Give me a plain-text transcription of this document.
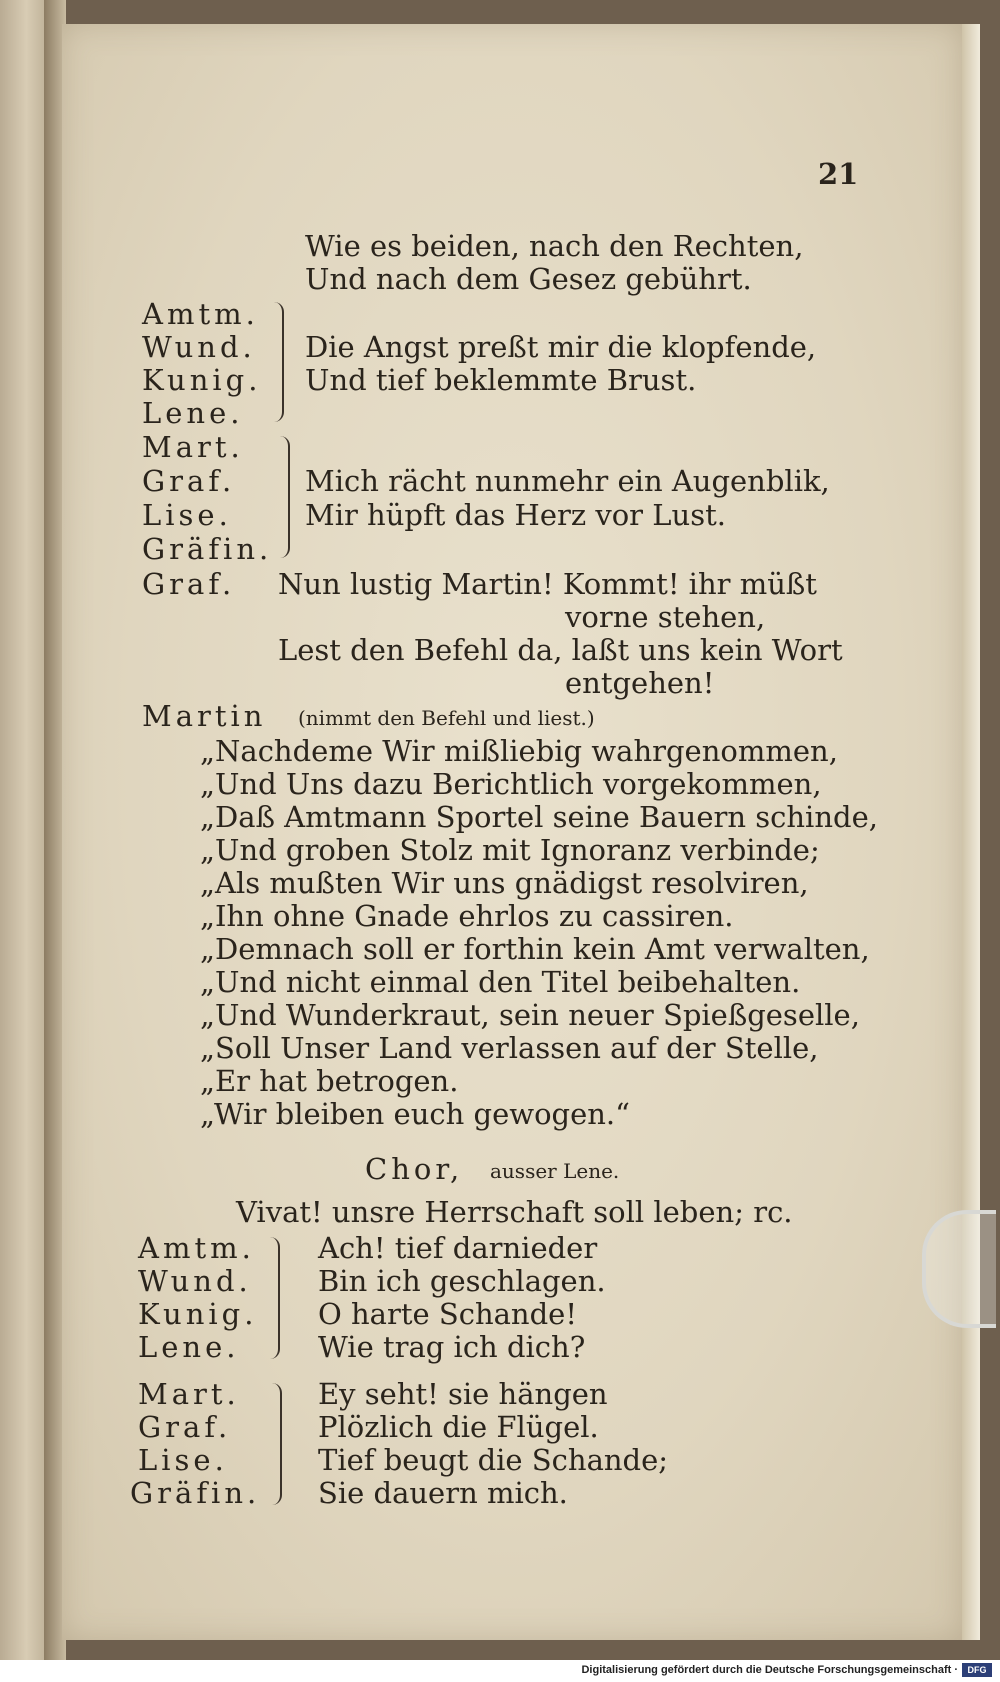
21
Wie es beiden, nach den Rechten,
Und nach dem Gesez gebührt.
Amtm.
Wund.
Kunig.
Lene.
Die Angst preßt mir die klopfende,
Und tief beklemmte Brust.
Mart.
Graf.
Lise.
Gräfin.
Mich rächt nunmehr ein Augenblik,
Mir hüpft das Herz vor Lust.
Graf. Nun lustig Martin! Kommt! ihr müßt
vorne stehen,
Lest den Befehl da, laßt uns kein Wort
entgehen!
Martin (nimmt den Befehl und liest.)
„Nachdeme Wir mißliebig wahrgenommen,
„Und Uns dazu Berichtlich vorgekommen,
„Daß Amtmann Sportel seine Bauern schinde,
„Und groben Stolz mit Ignoranz verbinde;
„Als mußten Wir uns gnädigst resolviren,
„Ihn ohne Gnade ehrlos zu cassiren.
„Demnach soll er forthin kein Amt verwalten,
„Und nicht einmal den Titel beibehalten.
„Und Wunderkraut, sein neuer Spießgeselle,
„Soll Unser Land verlassen auf der Stelle,
„Er hat betrogen.
„Wir bleiben euch gewogen.“
Chor, ausser Lene.
Vivat! unsre Herrschaft soll leben; rc.
Amtm.
Wund.
Kunig.
Lene.
Ach! tief darnieder
Bin ich geschlagen.
O harte Schande!
Wie trag ich dich?
Mart.
Graf.
Lise.
Gräfin.
Ey seht! sie hängen
Plözlich die Flügel.
Tief beugt die Schande;
Sie dauern mich.
Digitalisierung gefördert durch die Deutsche Forschungsgemeinschaft ·	DFG
